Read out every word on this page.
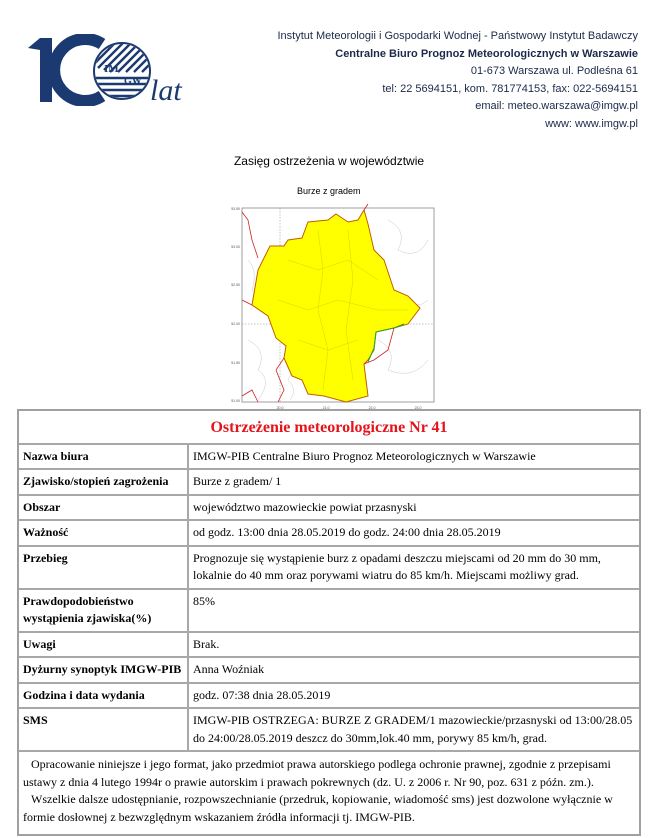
IM
GW lat
Instytut Meteorologii i Gospodarki Wodnej - Państwowy Instytut Badawczy
Centralne Biuro Prognoz Meteorologicznych w Warszawie
01-673 Warszawa ul. Podleśna 61
tel: 22 5694151, kom. 781774153, fax: 022-5694151
email: meteo.warszawa@imgw.pl
www: www.imgw.pl
Zasięg ostrzeżenia w województwie
Burze z gradem
53.50
53.00
52.50
52.00
51.50
51.00
20.0	21.0	22.0	23.0
Ostrzeżenie meteorologiczne Nr 41	
Nazwa biura	IMGW-PIB Centralne Biuro Prognoz Meteorologicznych w Warszawie
Zjawisko/stopień zagrożenia	Burze z gradem/ 1
Obszar	województwo mazowieckie powiat przasnyski
Ważność	od godz. 13:00 dnia 28.05.2019 do godz. 24:00 dnia 28.05.2019
Przebieg	Prognozuje się wystąpienie burz z opadami deszczu miejscami od 20 mm do 30 mm, lokalnie do 40 mm oraz porywami wiatru do 85 km/h. Miejscami możliwy grad.
Prawdopodobieństwo wystąpienia zjawiska(%)	85%
Uwagi	Brak.
Dyżurny synoptyk IMGW-PIB	Anna Woźniak
Godzina i data wydania	godz. 07:38 dnia 28.05.2019
SMS	IMGW-PIB OSTRZEGA: BURZE Z GRADEM/1 mazowieckie/przasnyski od 13:00/28.05 do 24:00/28.05.2019 deszcz do 30mm,lok.40 mm, porywy 85 km/h, grad.

Opracowanie niniejsze i jego format, jako przedmiot prawa autorskiego podlega ochronie prawnej, zgodnie z przepisami ustawy z dnia 4 lutego 1994r o prawie autorskim i prawach pokrewnych (dz. U. z 2006 r. Nr 90, poz. 631 z późn. zm.).

Wszelkie dalsze udostępnianie, rozpowszechnianie (przedruk, kopiowanie, wiadomość sms) jest dozwolone wyłącznie w formie dosłownej z bezwzględnym wskazaniem źródła informacji tj. IMGW-PIB.	
